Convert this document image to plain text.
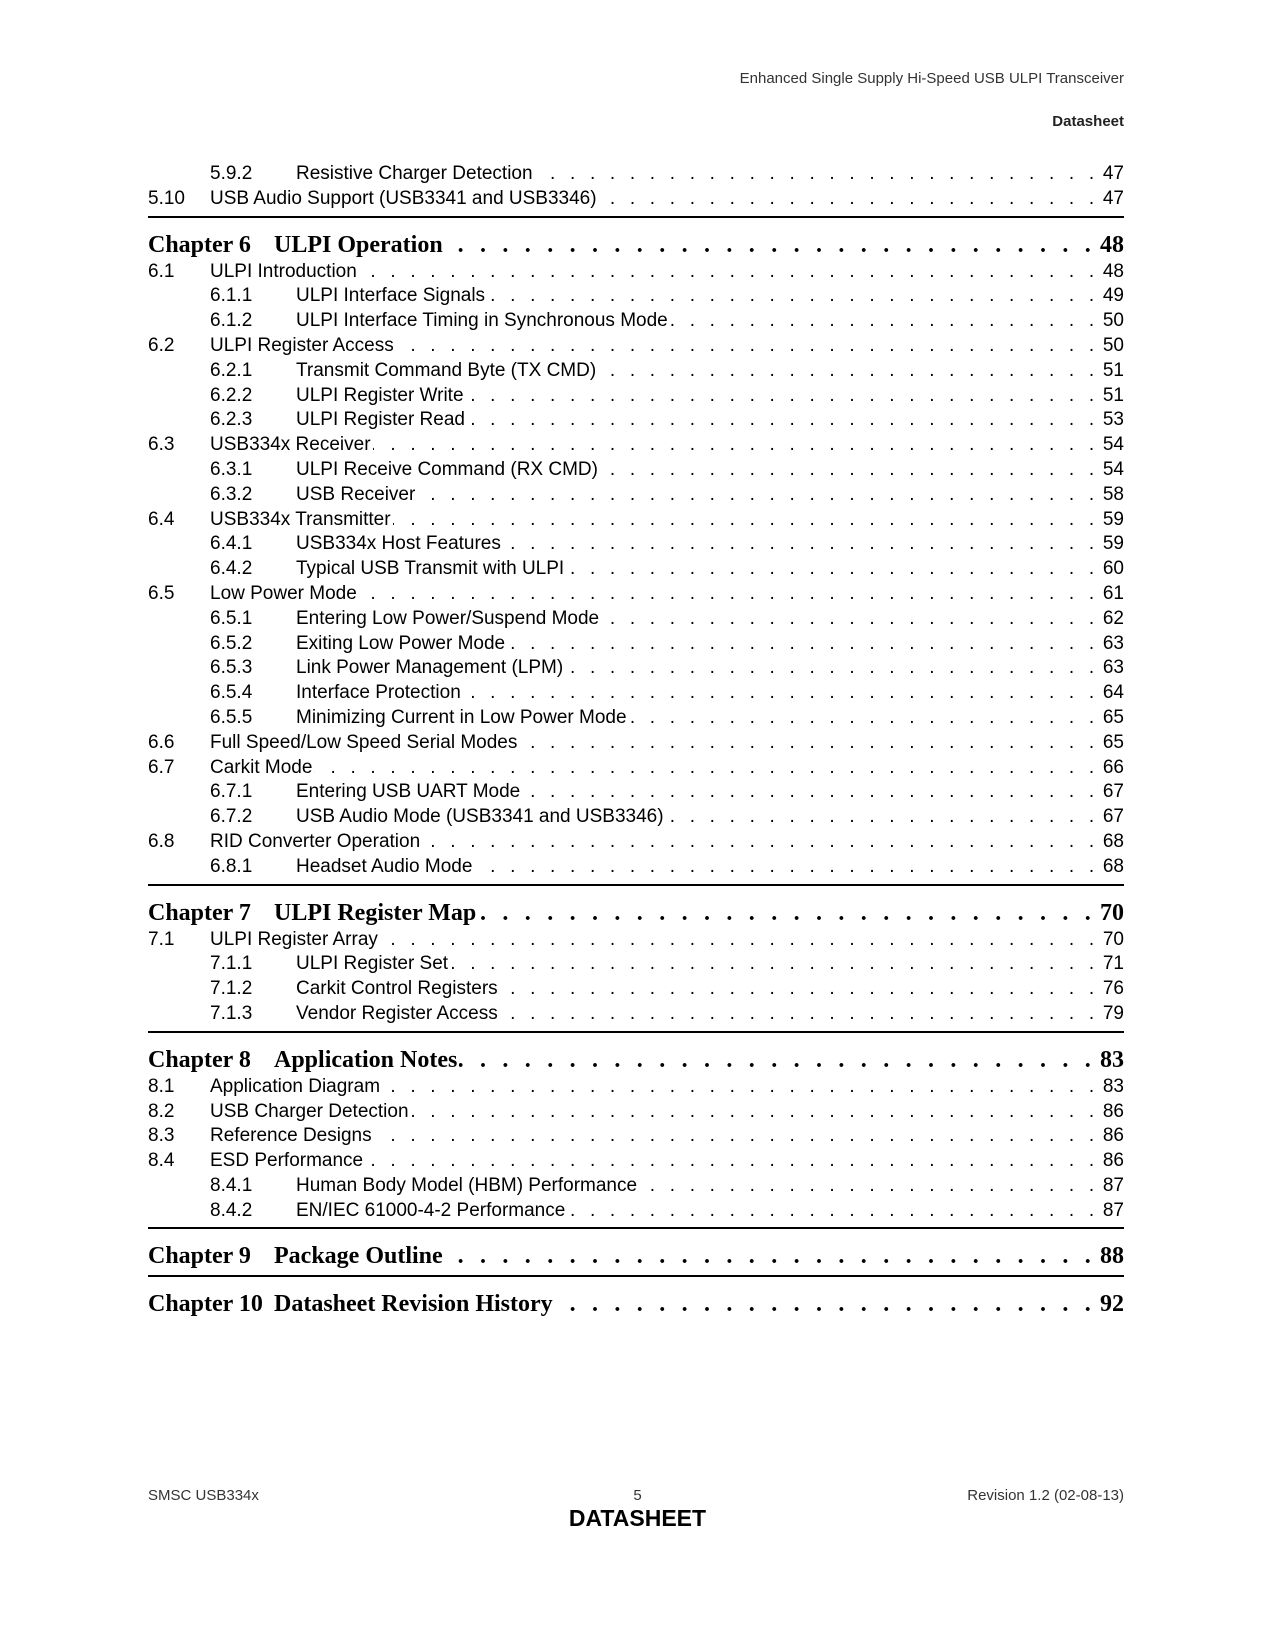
Enhanced Single Supply Hi-Speed USB ULPI Transceiver
Datasheet
5.9.2	Resistive Charger Detection . . .	47
5.10	USB Audio Support (USB3341 and USB3346) . . .	47
Chapter 6 ULPI Operation . . .	48
6.1	ULPI Introduction . . .	48
6.1.1	ULPI Interface Signals . . .	49
6.1.2	ULPI Interface Timing in Synchronous Mode . . .	50
6.2	ULPI Register Access . . .	50
6.2.1	Transmit Command Byte (TX CMD) . . .	51
6.2.2	ULPI Register Write . . .	51
6.2.3	ULPI Register Read . . .	53
6.3	USB334x Receiver . . .	54
6.3.1	ULPI Receive Command (RX CMD) . . .	54
6.3.2	USB Receiver . . .	58
6.4	USB334x Transmitter . . .	59
6.4.1	USB334x Host Features . . .	59
6.4.2	Typical USB Transmit with ULPI . . .	60
6.5	Low Power Mode . . .	61
6.5.1	Entering Low Power/Suspend Mode . . .	62
6.5.2	Exiting Low Power Mode . . .	63
6.5.3	Link Power Management (LPM) . . .	63
6.5.4	Interface Protection . . .	64
6.5.5	Minimizing Current in Low Power Mode . . .	65
6.6	Full Speed/Low Speed Serial Modes . . .	65
6.7	Carkit Mode . . .	66
6.7.1	Entering USB UART Mode . . .	67
6.7.2	USB Audio Mode (USB3341 and USB3346) . . .	67
6.8	RID Converter Operation . . .	68
6.8.1	Headset Audio Mode . . .	68
Chapter 7 ULPI Register Map . . .	70
7.1	ULPI Register Array . . .	70
7.1.1	ULPI Register Set . . .	71
7.1.2	Carkit Control Registers . . .	76
7.1.3	Vendor Register Access . . .	79
Chapter 8 Application Notes . . .	83
8.1	Application Diagram . . .	83
8.2	USB Charger Detection . . .	86
8.3	Reference Designs . . .	86
8.4	ESD Performance . . .	86
8.4.1	Human Body Model (HBM) Performance . . .	87
8.4.2	EN/IEC 61000-4-2 Performance . . .	87
Chapter 9 Package Outline . . .	88
Chapter 10 Datasheet Revision History . . .	92
SMSC USB334x	5	Revision 1.2 (02-08-13)
DATASHEET
